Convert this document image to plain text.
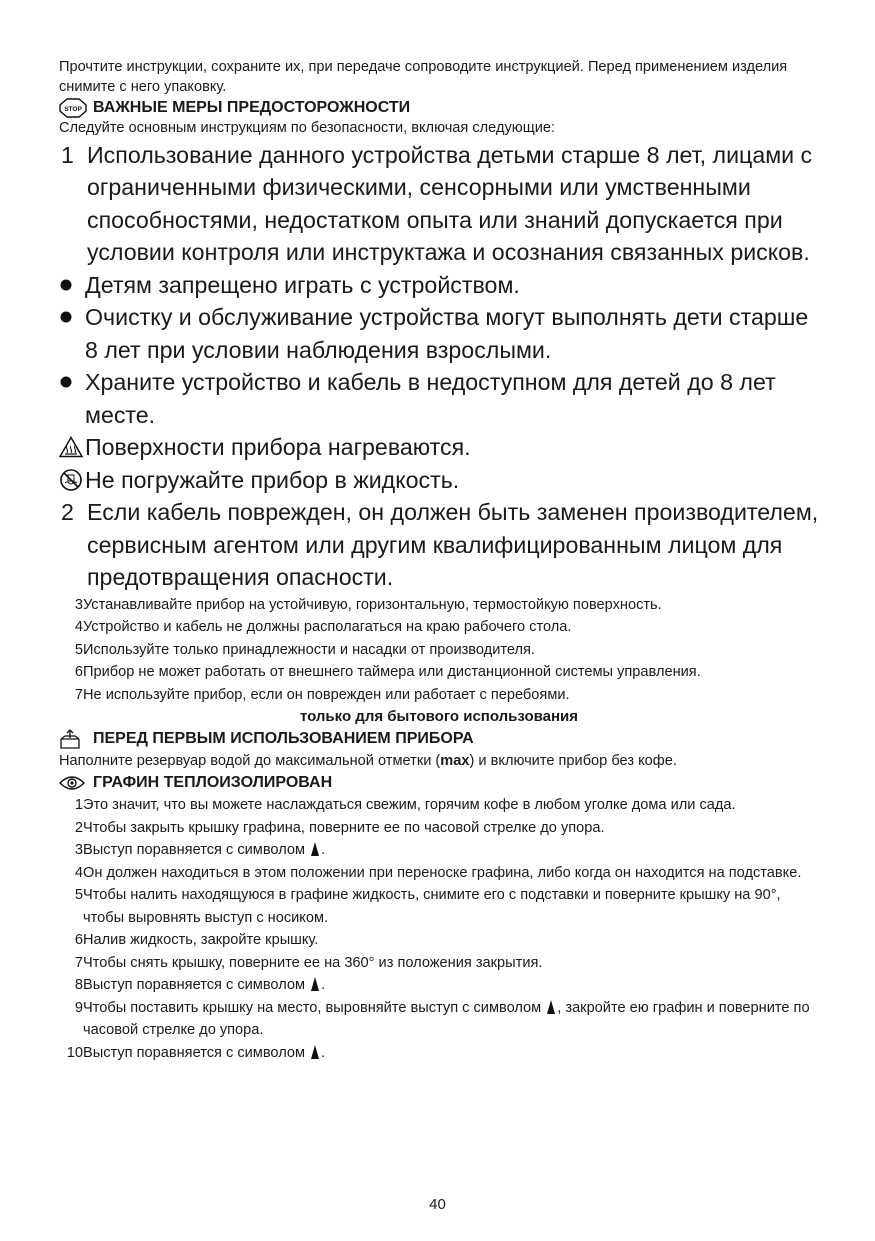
Прочтите инструкции, сохраните их, при передаче сопроводите инструкцией. Перед применением изделия снимите с него упаковку.

STOP ВАЖНЫЕ МЕРЫ ПРЕДОСТОРОЖНОСТИ

Следуйте основным инструкциям по безопасности, включая следующие:

1 Использование данного устройства детьми старше 8 лет, лицами с ограниченными физическими, сенсорными или умственными способностями, недостатком опыта или знаний допускается при условии контроля или инструктажа и осознания связанных рисков.
Детям запрещено играть с устройством.
Очистку и обслуживание устройства могут выполнять дети старше 8 лет при условии наблюдения взрослыми.
Храните устройство и кабель в недоступном для детей до 8 лет месте.
Поверхности прибора нагреваются.
Не погружайте прибор в жидкость.
2 Если кабель поврежден, он должен быть заменен производителем, сервисным агентом или другим квалифицированным лицом для предотвращения опасности.
3 Устанавливайте прибор на устойчивую, горизонтальную, термостойкую поверхность.
4 Устройство и кабель не должны располагаться на краю рабочего стола.
5 Используйте только принадлежности и насадки от производителя.
6 Прибор не может работать от внешнего таймера или дистанционной системы управления.
7 Не используйте прибор, если он поврежден или работает с перебоями.

только для бытового использования

ПЕРЕД ПЕРВЫМ ИСПОЛЬЗОВАНИЕМ ПРИБОРА

Наполните резервуар водой до максимальной отметки (max) и включите прибор без кофе.

ГРАФИН ТЕПЛОИЗОЛИРОВАН
1 Это значит, что вы можете наслаждаться свежим, горячим кофе в любом уголке дома или сада.
2 Чтобы закрыть крышку графина, поверните ее по часовой стрелке до упора.
3 Выступ поравняется с символом .
4 Он должен находиться в этом положении при переноске графина, либо когда он находится на подставке.
5 Чтобы налить находящуюся в графине жидкость, снимите его с подставки и поверните крышку на 90°, чтобы выровнять выступ с носиком.
6 Налив жидкость, закройте крышку.
7 Чтобы снять крышку, поверните ее на 360° из положения закрытия.
8 Выступ поравняется с символом .
9 Чтобы поставить крышку на место, выровняйте выступ с символом , закройте ею графин и поверните по часовой стрелке до упора.
10 Выступ поравняется с символом .
40
